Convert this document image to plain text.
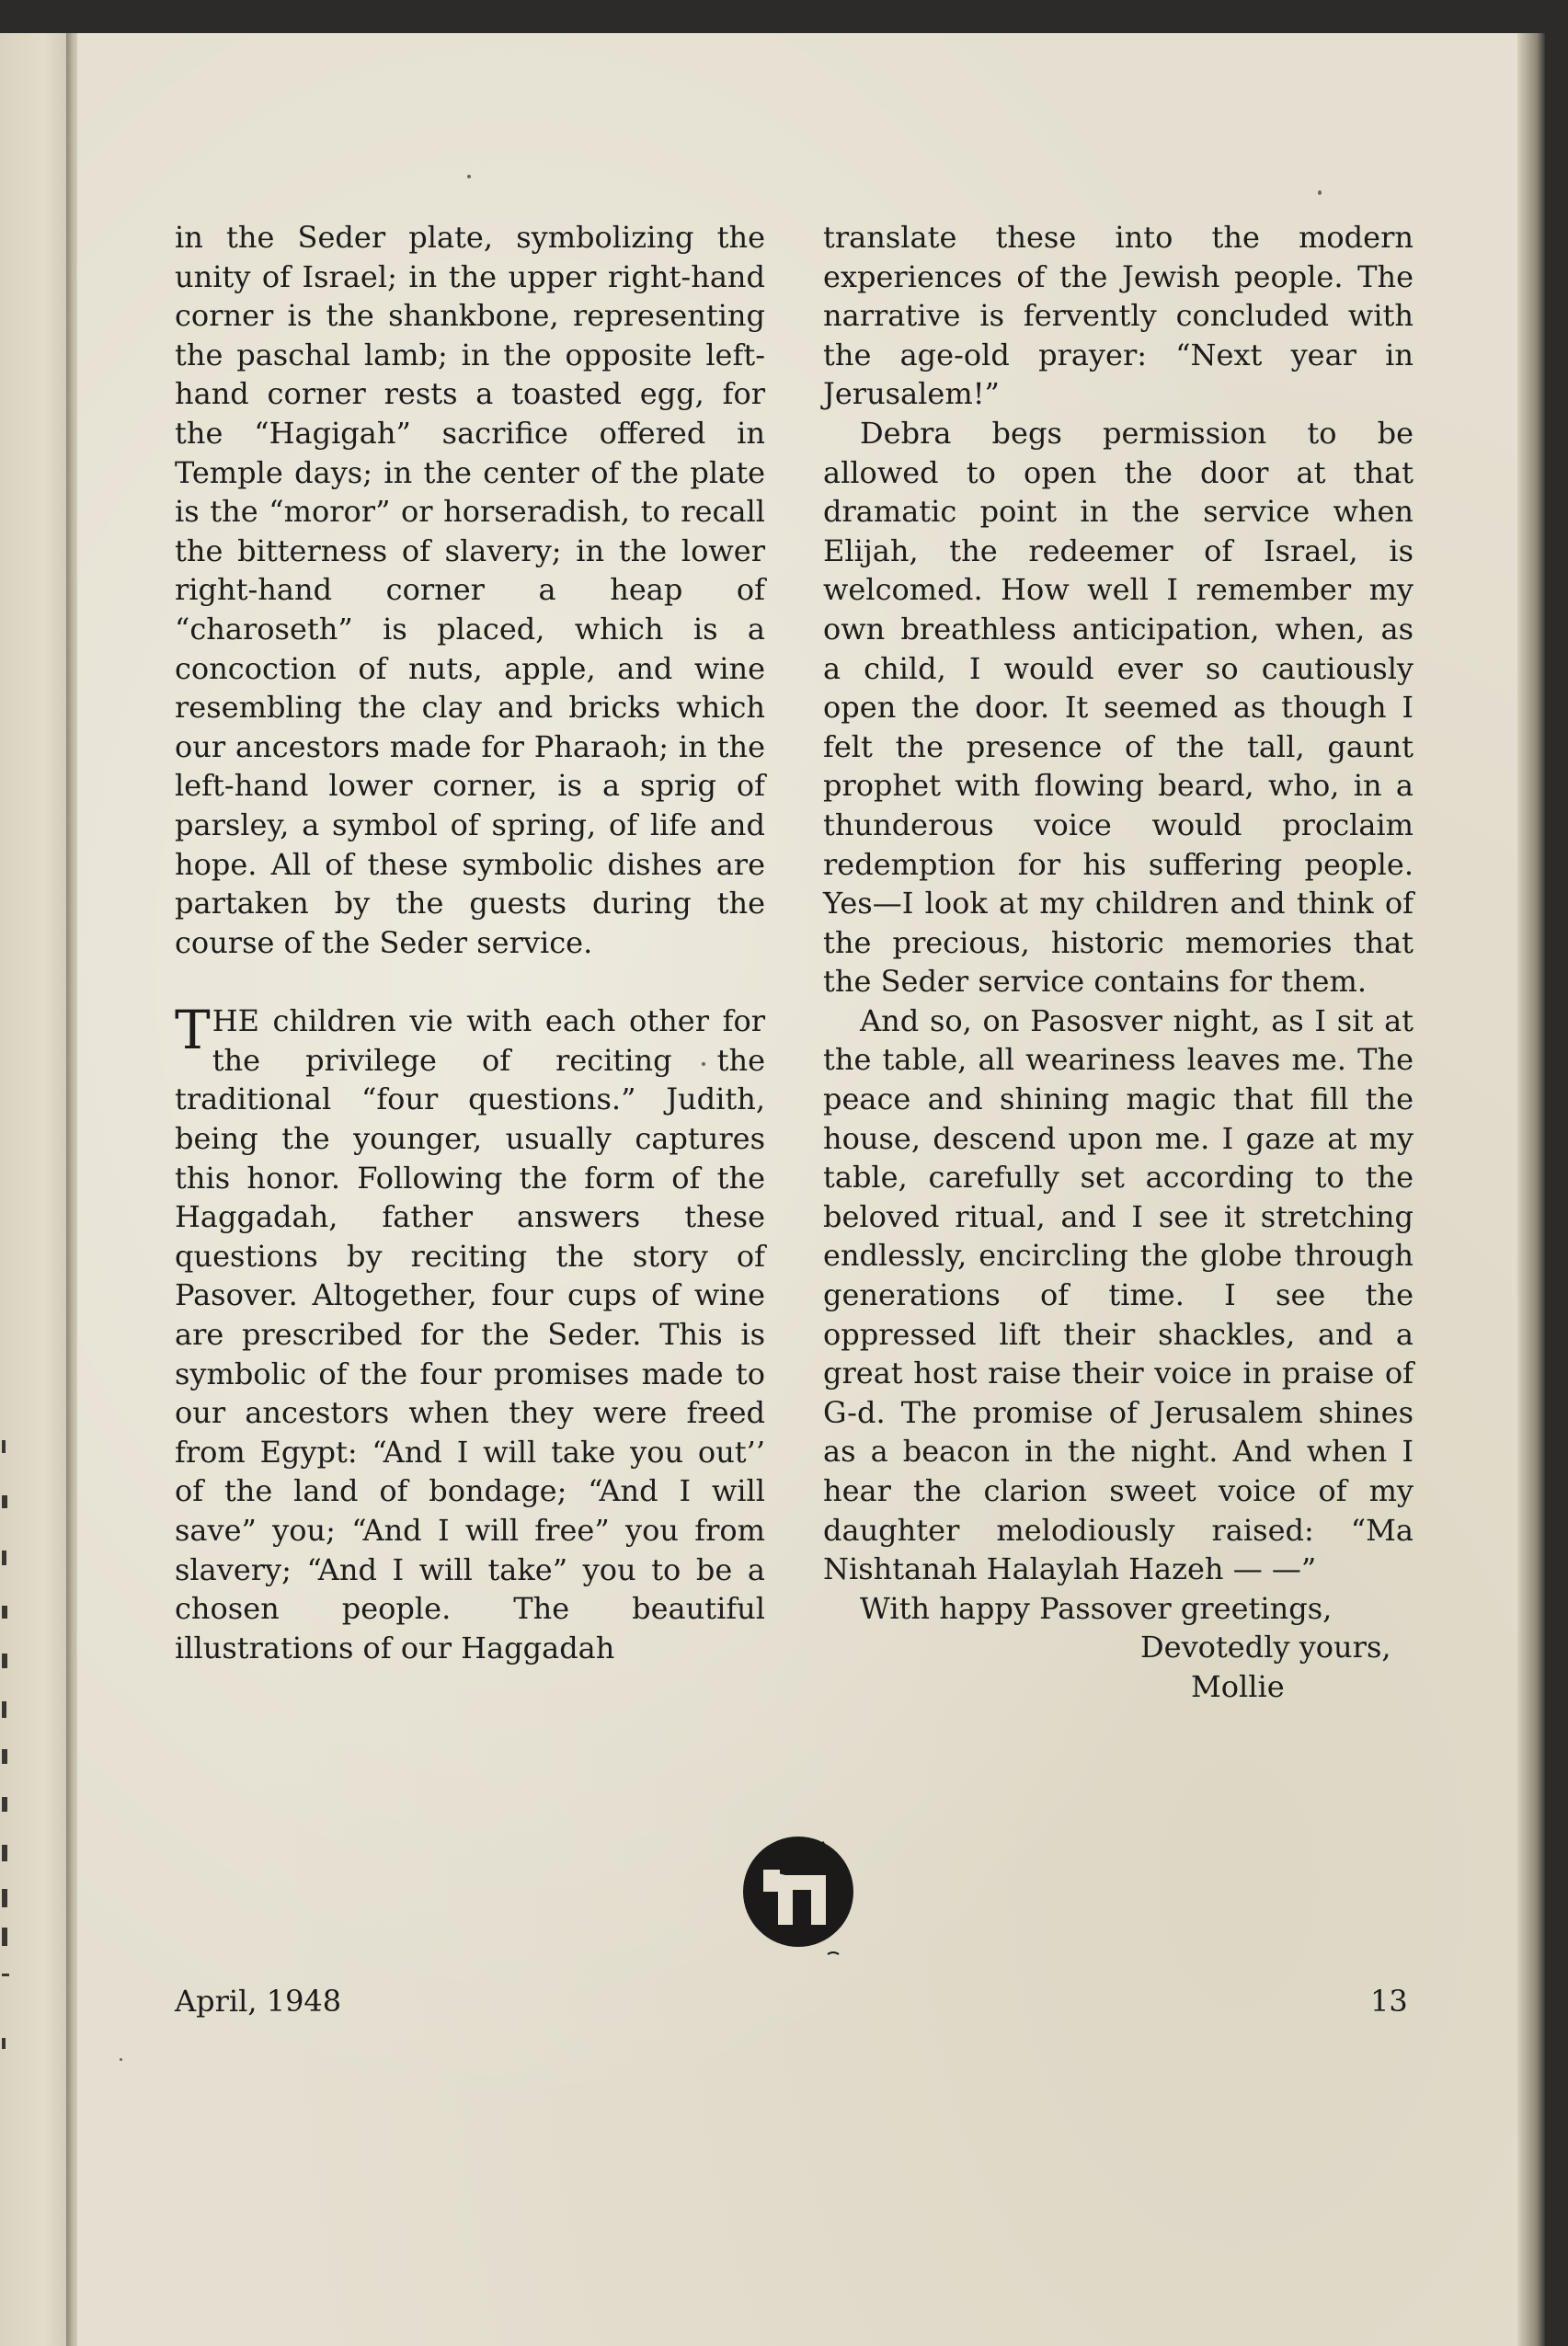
in the Seder plate, symbolizing the unity of Israel; in the upper right-hand corner is the shankbone, representing the paschal lamb; in the opposite left-hand corner rests a toasted egg, for the “Hagigah” sacrifice offered in Temple days; in the center of the plate is the “moror” or horseradish, to recall the bitterness of slavery; in the lower right-hand corner a heap of “charoseth” is placed, which is a concoction of nuts, apple, and wine resembling the clay and bricks which our ancestors made for Pharaoh; in the left-hand lower corner, is a sprig of parsley, a symbol of spring, of life and hope. All of these symbolic dishes are partaken by the guests during the course of the Seder service.

THE children vie with each other for the privilege of reciting the traditional “four questions.” Judith, being the younger, usually captures this honor. Following the form of the Haggadah, father answers these questions by reciting the story of Pasover. Altogether, four cups of wine are prescribed for the Seder. This is symbolic of the four promises made to our ancestors when they were freed from Egypt: “And I will take you out’’ of the land of bondage; “And I will save” you; “And I will free” you from slavery; “And I will take” you to be a chosen people. The beautiful illustrations of our Haggadah

translate these into the modern experiences of the Jewish people. The narrative is fervently concluded with the age-old prayer: “Next year in Jerusalem!”

Debra begs permission to be allowed to open the door at that dramatic point in the service when Elijah, the redeemer of Israel, is welcomed. How well I remember my own breathless anticipation, when, as a child, I would ever so cautiously open the door. It seemed as though I felt the presence of the tall, gaunt prophet with flowing beard, who, in a thunderous voice would proclaim redemption for his suffering people. Yes—I look at my children and think of the precious, historic memories that the Seder service contains for them.

And so, on Pasosver night, as I sit at the table, all weariness leaves me. The peace and shining magic that fill the house, descend upon me. I gaze at my table, carefully set according to the beloved ritual, and I see it stretching endlessly, encircling the globe through generations of time. I see the oppressed lift their shackles, and a great host raise their voice in praise of G-d. The promise of Jerusalem shines as a beacon in the night. And when I hear the clarion sweet voice of my daughter melodiously raised: “Ma Nishtanah Halaylah Hazeh — —”

With happy Passover greetings,

Devotedly yours,

Mollie

April, 1948	13
